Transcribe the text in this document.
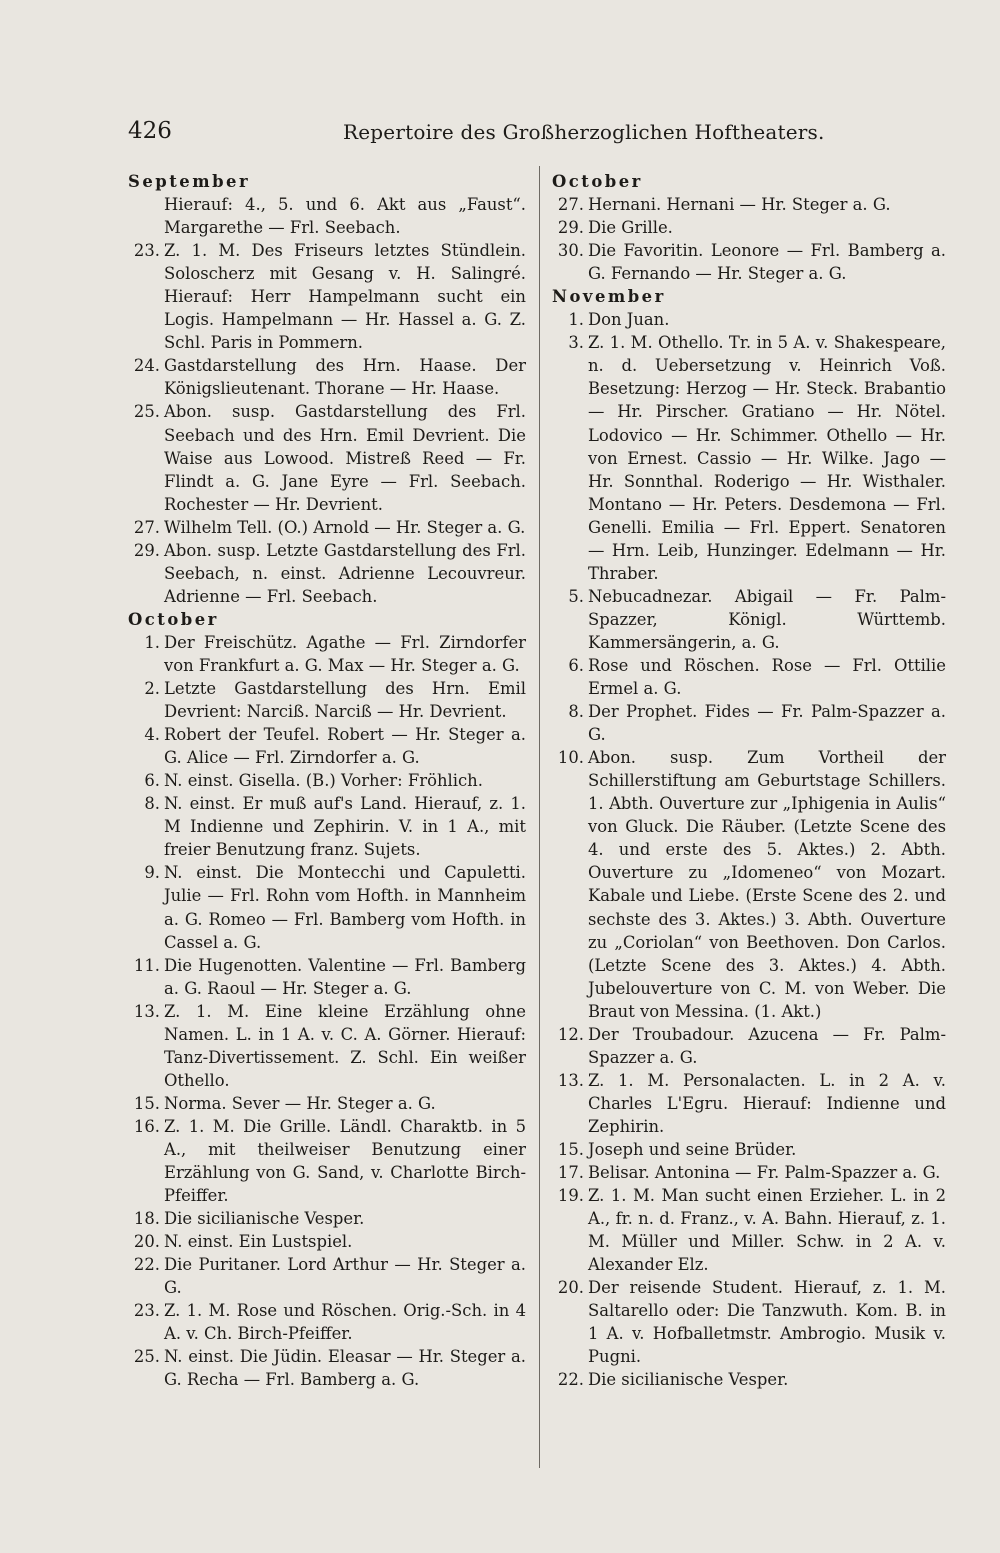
426	Repertoire des Großherzoglichen Hoftheaters.
September
Hierauf: 4., 5. und 6. Akt aus „Faust“. Margarethe — Frl. Seebach.
23. Z. 1. M. Des Friseurs letztes Stündlein. Soloscherz mit Gesang v. H. Salingré. Hierauf: Herr Hampelmann sucht ein Logis. Hampelmann — Hr. Hassel a. G. Z. Schl. Paris in Pommern.
24. Gastdarstellung des Hrn. Haase. Der Königslieutenant. Thorane — Hr. Haase.
25. Abon. susp. Gastdarstellung des Frl. Seebach und des Hrn. Emil Devrient. Die Waise aus Lowood. Mistreß Reed — Fr. Flindt a. G. Jane Eyre — Frl. Seebach. Rochester — Hr. Devrient.
27. Wilhelm Tell. (O.) Arnold — Hr. Steger a. G.
29. Abon. susp. Letzte Gastdarstellung des Frl. Seebach, n. einst. Adrienne Lecouvreur. Adrienne — Frl. Seebach.
October
1. Der Freischütz. Agathe — Frl. Zirndorfer von Frankfurt a. G. Max — Hr. Steger a. G.
2. Letzte Gastdarstellung des Hrn. Emil Devrient: Narciß. Narciß — Hr. Devrient.
4. Robert der Teufel. Robert — Hr. Steger a. G. Alice — Frl. Zirndorfer a. G.
6. N. einst. Gisella. (B.) Vorher: Fröhlich.
8. N. einst. Er muß auf's Land. Hierauf, z. 1. M Indienne und Zephirin. V. in 1 A., mit freier Benutzung franz. Sujets.
9. N. einst. Die Montecchi und Capuletti. Julie — Frl. Rohn vom Hofth. in Mannheim a. G. Romeo — Frl. Bamberg vom Hofth. in Cassel a. G.
11. Die Hugenotten. Valentine — Frl. Bamberg a. G. Raoul — Hr. Steger a. G.
13. Z. 1. M. Eine kleine Erzählung ohne Namen. L. in 1 A. v. C. A. Görner. Hierauf: Tanz-Divertissement. Z. Schl. Ein weißer Othello.
15. Norma. Sever — Hr. Steger a. G.
16. Z. 1. M. Die Grille. Ländl. Charaktb. in 5 A., mit theilweiser Benutzung einer Erzählung von G. Sand, v. Charlotte Birch-Pfeiffer.
18. Die sicilianische Vesper.
20. N. einst. Ein Lustspiel.
22. Die Puritaner. Lord Arthur — Hr. Steger a. G.
23. Z. 1. M. Rose und Röschen. Orig.-Sch. in 4 A. v. Ch. Birch-Pfeiffer.
25. N. einst. Die Jüdin. Eleasar — Hr. Steger a. G. Recha — Frl. Bamberg a. G.
October
27. Hernani. Hernani — Hr. Steger a. G.
29. Die Grille.
30. Die Favoritin. Leonore — Frl. Bamberg a. G. Fernando — Hr. Steger a. G.
November
1. Don Juan.
3. Z. 1. M. Othello. Tr. in 5 A. v. Shakespeare, n. d. Uebersetzung v. Heinrich Voß. Besetzung: Herzog — Hr. Steck. Brabantio — Hr. Pirscher. Gratiano — Hr. Nötel. Lodovico — Hr. Schimmer. Othello — Hr. von Ernest. Cassio — Hr. Wilke. Jago — Hr. Sonnthal. Roderigo — Hr. Wisthaler. Montano — Hr. Peters. Desdemona — Frl. Genelli. Emilia — Frl. Eppert. Senatoren — Hrn. Leib, Hunzinger. Edelmann — Hr. Thraber.
5. Nebucadnezar. Abigail — Fr. Palm-Spazzer, Königl. Württemb. Kammersängerin, a. G.
6. Rose und Röschen. Rose — Frl. Ottilie Ermel a. G.
8. Der Prophet. Fides — Fr. Palm-Spazzer a. G.
10. Abon. susp. Zum Vortheil der Schillerstiftung am Geburtstage Schillers. 1. Abth. Ouverture zur „Iphigenia in Aulis“ von Gluck. Die Räuber. (Letzte Scene des 4. und erste des 5. Aktes.) 2. Abth. Ouverture zu „Idomeneo“ von Mozart. Kabale und Liebe. (Erste Scene des 2. und sechste des 3. Aktes.) 3. Abth. Ouverture zu „Coriolan“ von Beethoven. Don Carlos. (Letzte Scene des 3. Aktes.) 4. Abth. Jubelouverture von C. M. von Weber. Die Braut von Messina. (1. Akt.)
12. Der Troubadour. Azucena — Fr. Palm-Spazzer a. G.
13. Z. 1. M. Personalacten. L. in 2 A. v. Charles L'Egru. Hierauf: Indienne und Zephirin.
15. Joseph und seine Brüder.
17. Belisar. Antonina — Fr. Palm-Spazzer a. G.
19. Z. 1. M. Man sucht einen Erzieher. L. in 2 A., fr. n. d. Franz., v. A. Bahn. Hierauf, z. 1. M. Müller und Miller. Schw. in 2 A. v. Alexander Elz.
20. Der reisende Student. Hierauf, z. 1. M. Saltarello oder: Die Tanzwuth. Kom. B. in 1 A. v. Hofballetmstr. Ambrogio. Musik v. Pugni.
22. Die sicilianische Vesper.
